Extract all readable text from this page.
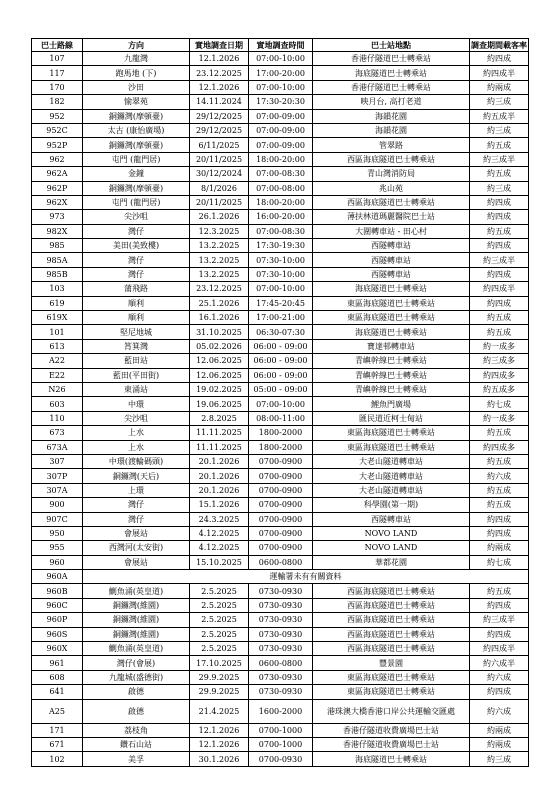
巴士路線	方向	實地調查日期	實地調查時間	巴士站地點	調查期間載客率
107	九龍灣	12.1.2026	07:00-10:00	香港仔隧道巴士轉乘站	約四成
117	跑馬地 (下)	23.12.2025	17:00-20:00	海底隧道巴士轉乘站	約四成半
170	沙田	12.1.2026	07:00-10:00	香港仔隧道巴士轉乘站	約兩成
182	愉翠苑	14.11.2024	17:30-20:30	映月台, 高打老道	約三成
952	銅鑼灣(摩頓臺)	29/12/2025	07:00-09:00	海韻花園	約五成半
952C	太古 (康怡廣場)	29/12/2025	07:00-09:00	海韻花園	約三成
952P	銅鑼灣(摩頓臺)	6/11/2025	07:00-09:00	管翠路	約五成
962	屯門 (龍門居)	20/11/2025	18:00-20:00	西區海底隧道巴士轉乘站	約三成半
962A	金鐘	30/12/2024	07:00-08:30	青山灣消防局	約五成
962P	銅鑼灣(摩頓臺)	8/1/2026	07:00-08:00	兆山苑	約三成
962X	屯門 (龍門居)	20/11/2025	18:00-20:00	西區海底隧道巴士轉乘站	約四成
973	尖沙咀	26.1.2026	16:00-20:00	薄扶林道瑪麗醫院巴士站	約四成
982X	灣仔	12.3.2025	07:00-08:30	大圍轉車站 - 田心村	約五成
985	美田(美致樓)	13.2.2025	17:30-19:30	西隧轉車站	約四成
985A	灣仔	13.2.2025	07:30-10:00	西隧轉車站	約三成半
985B	灣仔	13.2.2025	07:30-10:00	西隧轉車站	約四成
103	蒲飛路	23.12.2025	07:00-10:00	海底隧道巴士轉乘站	約四成半
619	順利	25.1.2026	17:45-20:45	東區海底隧道巴士轉乘站	約四成
619X	順利	16.1.2026	17:00-21:00	東區海底隧道巴士轉乘站	約五成
101	堅尼地城	31.10.2025	06:30-07:30	海底隧道巴士轉乘站	約五成
613	筲箕灣	05.02.2026	06:00 - 09:00	寶達邨轉車站	約一成多
A22	藍田站	12.06.2025	06:00 - 09:00	青嶼幹線巴士轉乘站	約三成多
E22	藍田(平田街)	12.06.2025	06:00 - 09:00	青嶼幹線巴士轉乘站	約四成多
N26	東涌站	19.02.2025	05:00 - 09:00	青嶼幹線巴士轉乘站	約五成多
603	中環	19.06.2025	07:00-10:00	鯉魚門廣場	約七成
110	尖沙咀	2.8.2025	08:00-11:00	匯民道近柯士甸站	約一成多
673	上水	11.11.2025	1800-2000	東區海底隧道巴士轉乘站	約五成
673A	上水	11.11.2025	1800-2000	東區海底隧道巴士轉乘站	約四成多
307	中環(渡輪碼頭)	20.1.2026	0700-0900	大老山隧道轉車站	約五成
307P	銅鑼灣(天后)	20.1.2026	0700-0900	大老山隧道轉車站	約六成
307A	上環	20.1.2026	0700-0900	大老山隧道轉車站	約五成
900	灣仔	15.1.2026	0700-0900	科學園(第一期)	約五成
907C	灣仔	24.3.2025	0700-0900	西隧轉車站	約四成
950	會展站	4.12.2025	0700-0900	NOVO LAND	約四成
955	西灣河(太安街)	4.12.2025	0700-0900	NOVO LAND	約兩成
960	會展站	15.10.2025	0600-0800	華都花園	約七成
960A	運輸署未有有關資料				
960B	鰂魚涌(英皇道)	2.5.2025	0730-0930	西區海底隧道巴士轉乘站	約五成
960C	銅鑼灣(維園)	2.5.2025	0730-0930	西區海底隧道巴士轉乘站	約四成
960P	銅鑼灣(維園)	2.5.2025	0730-0930	西區海底隧道巴士轉乘站	約三成半
960S	銅鑼灣(維園)	2.5.2025	0730-0930	西區海底隧道巴士轉乘站	約四成
960X	鰂魚涌(英皇道)	2.5.2025	0730-0930	西區海底隧道巴士轉乘站	約四成半
961	灣仔(會展)	17.10.2025	0600-0800	豐景園	約六成半
608	九龍城(盛德街)	29.9.2025	0730-0930	東區海底隧道巴士轉乘站	約六成
641	啟德	29.9.2025	0730-0930	東區海底隧道巴士轉乘站	約四成
A25	啟德	21.4.2025	1600-2000	港珠澳大橋香港口岸公共運輸交匯處	約六成
171	荔枝角	12.1.2026	0700-1000	香港仔隧道收費廣場巴士站	約兩成
671	鑽石山站	12.1.2026	0700-1000	香港仔隧道收費廣場巴士站	約兩成
102	美孚	30.1.2026	0700-0930	海底隧道巴士轉乘站	約三成
